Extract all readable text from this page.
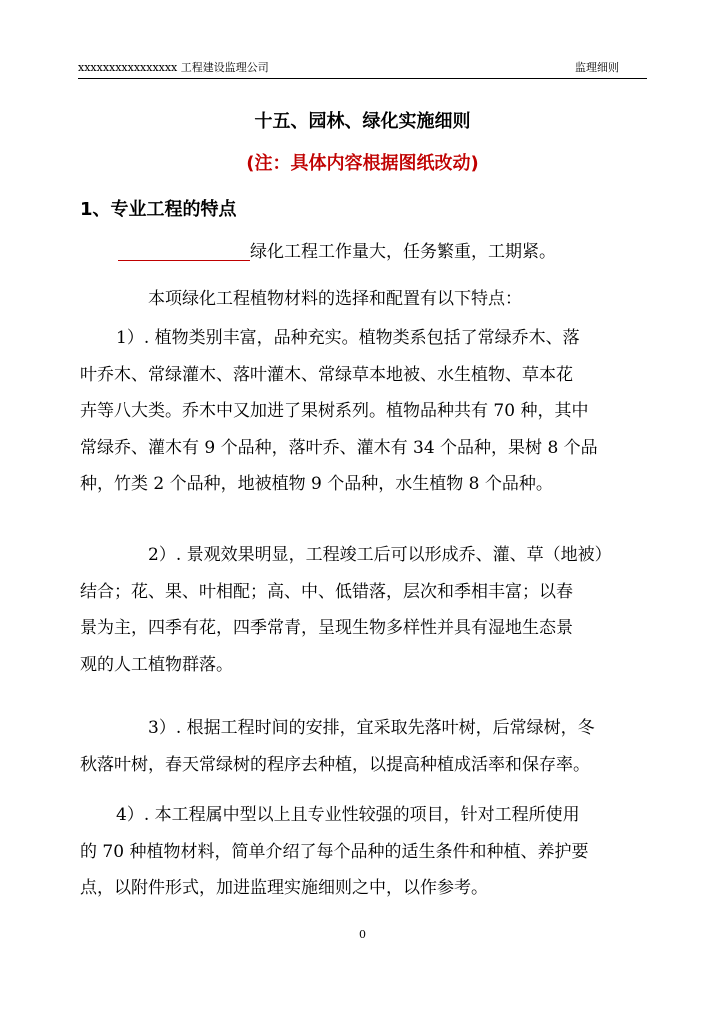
xxxxxxxxxxxxxxxx 工程建设监理公司	监理细则
十五、园林、绿化实施细则
(注：具体内容根据图纸改动)
1、专业工程的特点

绿化工程工作量大，任务繁重，工期紧。

本项绿化工程植物材料的选择和配置有以下特点：

1）. 植物类别丰富，品种充实。植物类系包括了常绿乔木、落
叶乔木、常绿灌木、落叶灌木、常绿草本地被、水生植物、草本花
卉等八大类。乔木中又加进了果树系列。植物品种共有 70 种，其中
常绿乔、灌木有 9 个品种，落叶乔、灌木有 34 个品种，果树 8 个品
种，竹类 2 个品种，地被植物 9 个品种，水生植物 8 个品种。
2）. 景观效果明显，工程竣工后可以形成乔、灌、草（地被）
结合；花、果、叶相配；高、中、低错落，层次和季相丰富；以春
景为主，四季有花，四季常青，呈现生物多样性并具有湿地生态景
观的人工植物群落。
3）. 根据工程时间的安排，宜采取先落叶树，后常绿树，冬
秋落叶树，春天常绿树的程序去种植，以提高种植成活率和保存率。
4）. 本工程属中型以上且专业性较强的项目，针对工程所使用
的 70 种植物材料，简单介绍了每个品种的适生条件和种植、养护要
点，以附件形式，加进监理实施细则之中，以作参考。
0
